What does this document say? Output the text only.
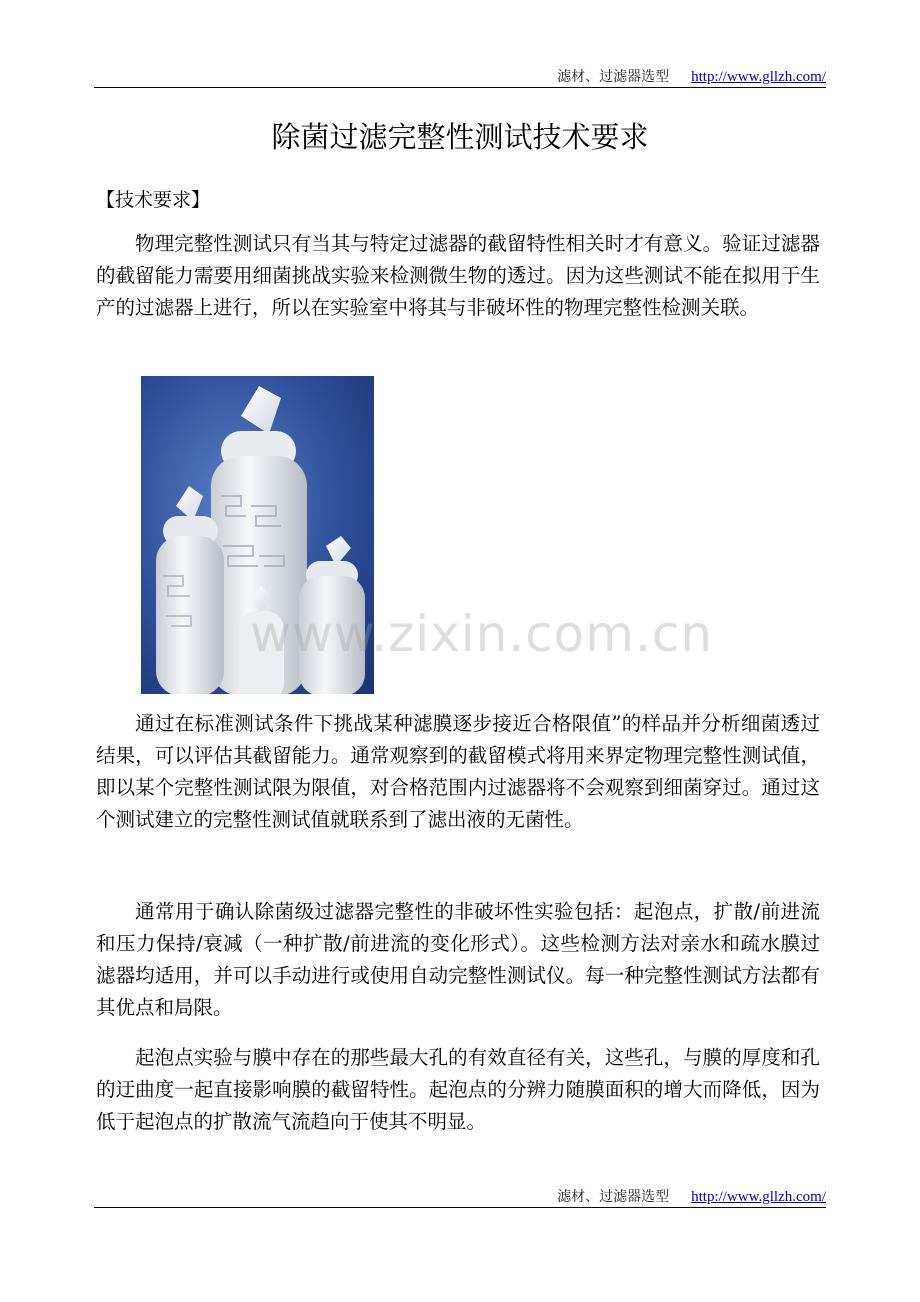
滤材、过滤器选型 http://www.gllzh.com/
除菌过滤完整性测试技术要求
【技术要求】

物理完整性测试只有当其与特定过滤器的截留特性相关时才有意义。验证过滤器的截留能力需要用细菌挑战实验来检测微生物的透过。因为这些测试不能在拟用于生产的过滤器上进行，所以在实验室中将其与非破坏性的物理完整性检测关联。

www.zixin.com.cn

通过在标准测试条件下挑战某种滤膜逐步接近合格限值”的样品并分析细菌透过结果，可以评估其截留能力。通常观察到的截留模式将用来界定物理完整性测试值，即以某个完整性测试限为限值，对合格范围内过滤器将不会观察到细菌穿过。通过这个测试建立的完整性测试值就联系到了滤出液的无菌性。

通常用于确认除菌级过滤器完整性的非破坏性实验包括：起泡点，扩散/前进流和压力保持/衰减（一种扩散/前进流的变化形式）。这些检测方法对亲水和疏水膜过滤器均适用，并可以手动进行或使用自动完整性测试仪。每一种完整性测试方法都有其优点和局限。

起泡点实验与膜中存在的那些最大孔的有效直径有关，这些孔，与膜的厚度和孔的迂曲度一起直接影响膜的截留特性。起泡点的分辨力随膜面积的增大而降低，因为低于起泡点的扩散流气流趋向于使其不明显。

滤材、过滤器选型 http://www.gllzh.com/
